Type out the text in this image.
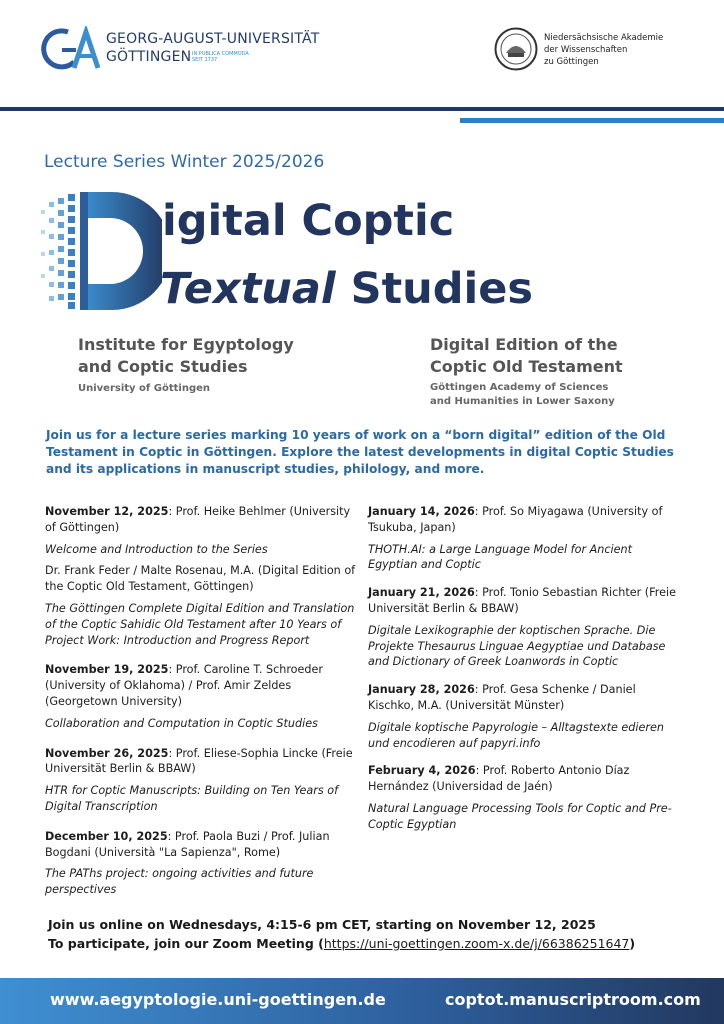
GEORG-AUGUST-UNIVERSITÄT
GÖTTINGEN IN PUBLICA COMMODA
SEIT 1737
Niedersächsische Akademie
der Wissenschaften
zu Göttingen
Lecture Series Winter 2025/2026
igital Coptic
Textual Studies
Institute for Egyptology
and Coptic Studies
University of Göttingen
Digital Edition of the
Coptic Old Testament
Göttingen Academy of Sciences
and Humanities in Lower Saxony
Join us for a lecture series marking 10 years of work on a “born digital” edition of the Old Testament in Coptic in Göttingen. Explore the latest developments in digital Coptic Studies and its applications in manuscript studies, philology, and more.
November 12, 2025: Prof. Heike Behlmer (University of Göttingen)
Welcome and Introduction to the Series
Dr. Frank Feder / Malte Rosenau, M.A. (Digital Edition of the Coptic Old Testament, Göttingen)
The Göttingen Complete Digital Edition and Translation of the Coptic Sahidic Old Testament after 10 Years of Project Work: Introduction and Progress Report
November 19, 2025: Prof. Caroline T. Schroeder (University of Oklahoma) / Prof. Amir Zeldes (Georgetown University)
Collaboration and Computation in Coptic Studies
November 26, 2025: Prof. Eliese-Sophia Lincke (Freie Universität Berlin & BBAW)
HTR for Coptic Manuscripts: Building on Ten Years of Digital Transcription
December 10, 2025: Prof. Paola Buzi / Prof. Julian Bogdani (Università "La Sapienza", Rome)
The PAThs project: ongoing activities and future perspectives
January 14, 2026: Prof. So Miyagawa (University of Tsukuba, Japan)
THOTH.AI: a Large Language Model for Ancient Egyptian and Coptic
January 21, 2026: Prof. Tonio Sebastian Richter (Freie Universität Berlin & BBAW)
Digitale Lexikographie der koptischen Sprache. Die Projekte Thesaurus Linguae Aegyptiae und Database and Dictionary of Greek Loanwords in Coptic
January 28, 2026: Prof. Gesa Schenke / Daniel Kischko, M.A. (Universität Münster)
Digitale koptische Papyrologie – Alltagstexte edieren und encodieren auf papyri.info
February 4, 2026: Prof. Roberto Antonio Díaz Hernández (Universidad de Jaén)
Natural Language Processing Tools for Coptic and Pre-Coptic Egyptian
Join us online on Wednesdays, 4:15-6 pm CET, starting on November 12, 2025
To participate, join our Zoom Meeting (https://uni-goettingen.zoom-x.de/j/66386251647)
www.aegyptologie.uni-goettingen.de	coptot.manuscriptroom.com
